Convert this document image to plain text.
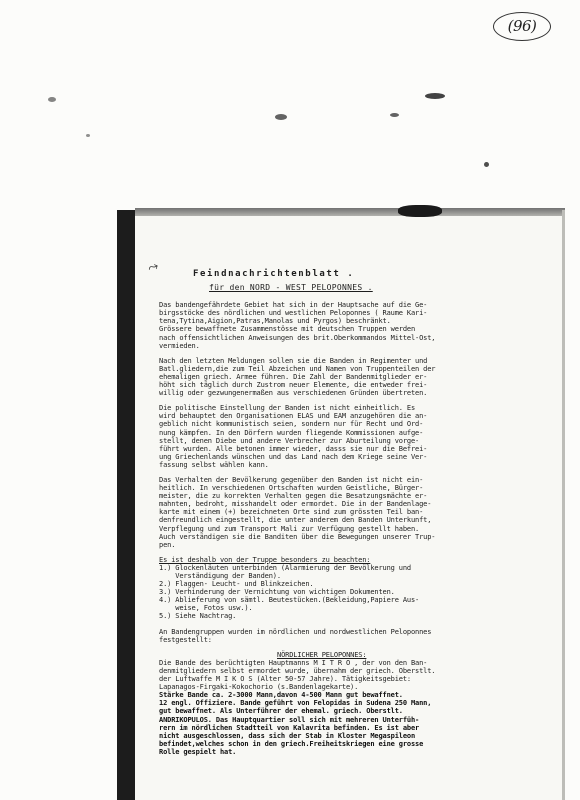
(96)
⤳	Feindnachrichtenblatt .

für den NORD - WEST PELOPONNES .

Das bandengefährdete Gebiet hat sich in der Hauptsache auf die Ge-

birgsstöcke des nördlichen und westlichen Peloponnes ( Raume Kari-

tena,Tytina,Aigion,Patras,Manolas und Pyrgos) beschränkt.

Grössere bewaffnete Zusammenstösse mit deutschen Truppen werden

nach offensichtlichen Anweisungen des brit.Oberkommandos Mittel-Ost,

vermieden.

Nach den letzten Meldungen sollen sie die Banden in Regimenter und

Batl.gliedern,die zum Teil Abzeichen und Namen von Truppenteilen der

ehemaligen griech. Armee führen. Die Zahl der Bandenmitglieder er-

höht sich täglich durch Zustrom neuer Elemente, die entweder frei-

willig oder gezwungenermaßen aus verschiedenen Gründen übertreten.

Die politische Einstellung der Banden ist nicht einheitlich. Es

wird behauptet den Organisationen ELAS und EAM anzugehören die an-

geblich nicht kommunistisch seien, sondern nur für Recht und Ord-

nung kämpfen. In den Dörfern wurden fliegende Kommissionen aufge-

stellt, denen Diebe und andere Verbrecher zur Aburteilung vorge-

führt wurden. Alle betonen immer wieder, dasss sie nur die Befrei-

ung Griechenlands wünschen und das Land nach dem Kriege seine Ver-

fassung selbst wählen kann.

Das Verhalten der Bevölkerung gegenüber den Banden ist nicht ein-

heitlich. In verschiedenen Ortschaften wurden Geistliche, Bürger-

meister, die zu korrekten Verhalten gegen die Besatzungsmächte er-

mahnten, bedroht, misshandelt oder ermordet. Die in der Bandenlage-

karte mit einem (+) bezeichneten Orte sind zum grössten Teil ban-

denfreundlich eingestellt, die unter anderem den Banden Unterkunft,

Verpflegung und zum Transport Mali zur Verfügung gestellt haben.

Auch verständigen sie die Banditen über die Bewegungen unserer Trup-

pen.

Es ist deshalb von der Truppe besonders zu beachten:

1.) Glockenläuten unterbinden (Alarmierung der Bevölkerung und

Verständigung der Banden).

2.) Flaggen- Leucht- und Blinkzeichen.

3.) Verhinderung der Vernichtung von wichtigen Dokumenten.

4.) Ablieferung von sämtl. Beutestücken.(Bekleidung,Papiere Aus-

weise, Fotos usw.).

5.) Siehe Nachtrag.

An Bandengruppen wurden im nördlichen und nordwestlichen Peloponnes

festgestellt:

NÖRDLICHER PELOPONNES:

Die Bande des berüchtigten Hauptmanns M I T R O , der von den Ban-

denmitgliedern selbst ermordet wurde, übernahm der griech. Oberstlt.

der Luftwaffe M I K O S (Alter 50-57 Jahre). Tätigkeitsgebiet:

Lapanagos-Firgaki-Kokochorio (s.Bandenlagekarte).

Stärke Bande ca. 2-3000 Mann,davon 4-500 Mann gut bewaffnet.

12 engl. Offiziere. Bande geführt von Felopidas in Sudena 250 Mann,

gut bewaffnet. Als Unterführer der ehemal. griech. Oberstlt.

ANDRIKOPULOS. Das Hauptquartier soll sich mit mehreren Unterfüh-

rern im nördlichen Stadtteil von Kalavrita befinden. Es ist aber

nicht ausgeschlossen, dass sich der Stab in Kloster Megaspileon

befindet,welches schon in den griech.Freiheitskriegen eine grosse

Rolle gespielt hat.
